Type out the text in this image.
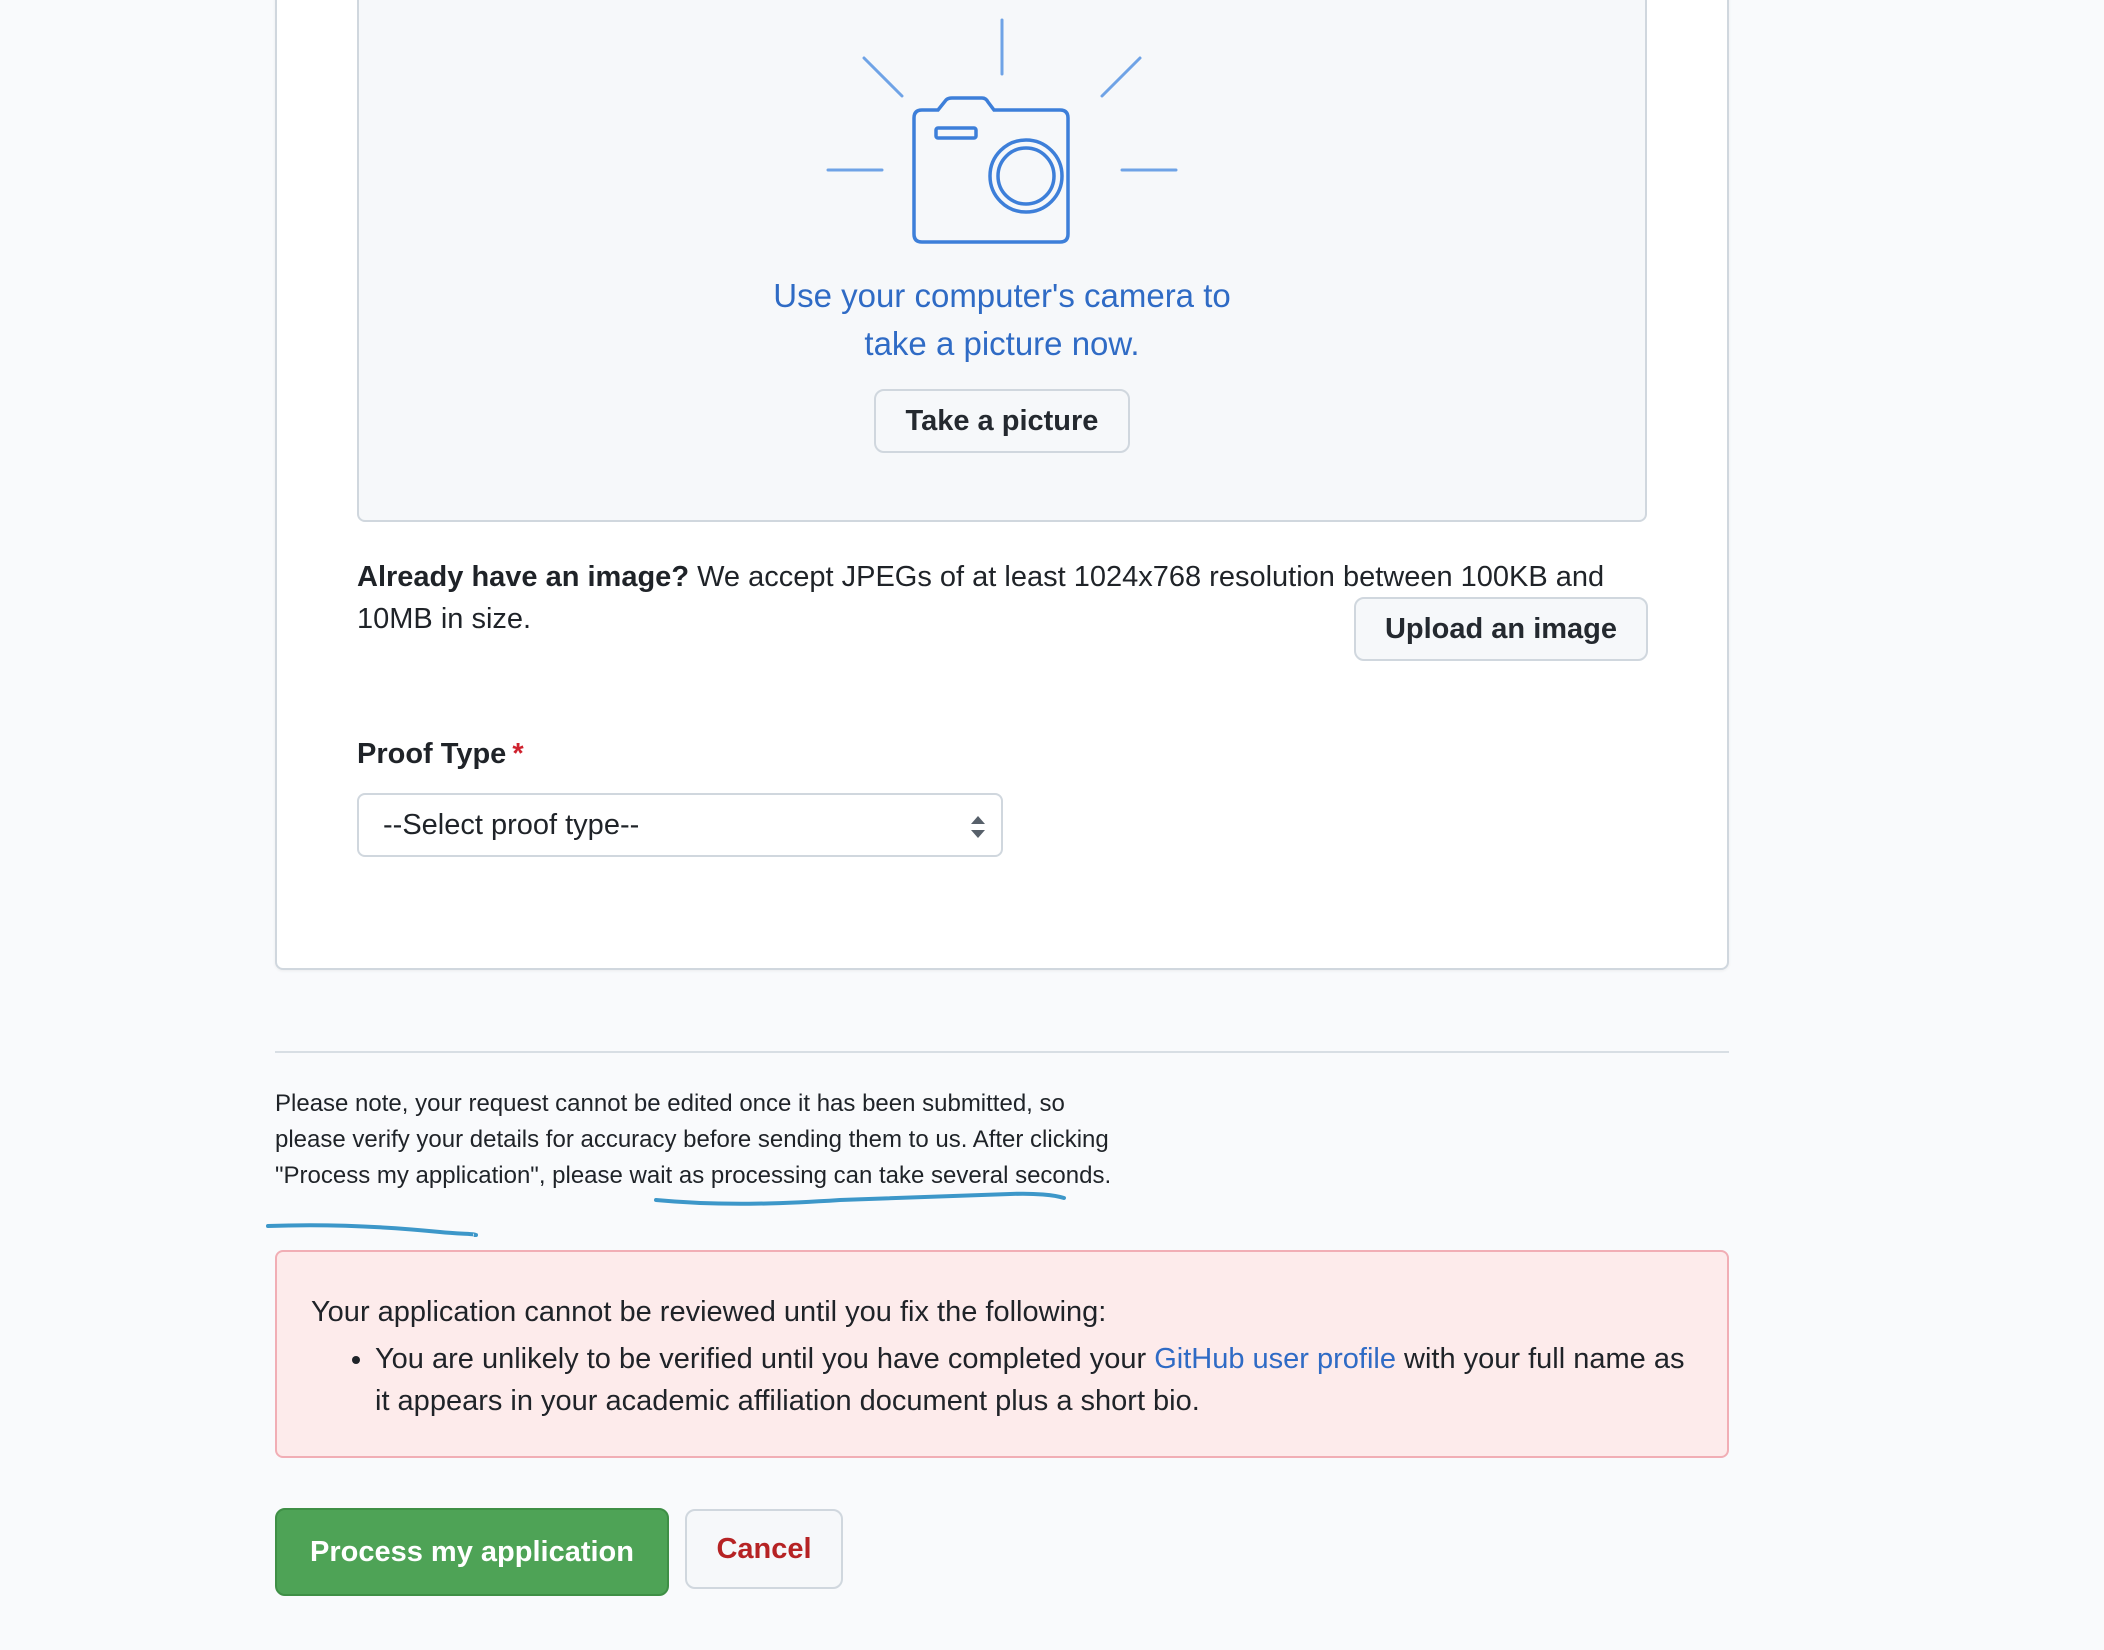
Use your computer's camera to
take a picture now.
Take a picture
Already have an image? We accept JPEGs of at least 1024x768 resolution between 100KB and 10MB in size.	Upload an image
Proof Type *
--Select proof type--
Please note, your request cannot be edited once it has been submitted, so please verify your details for accuracy before sending them to us. After clicking "Process my application", please wait as processing can take several seconds.
Your application cannot be reviewed until you fix the following:
• You are unlikely to be verified until you have completed your GitHub user profile with your full name as it appears in your academic affiliation document plus a short bio.
Process my application	Cancel
